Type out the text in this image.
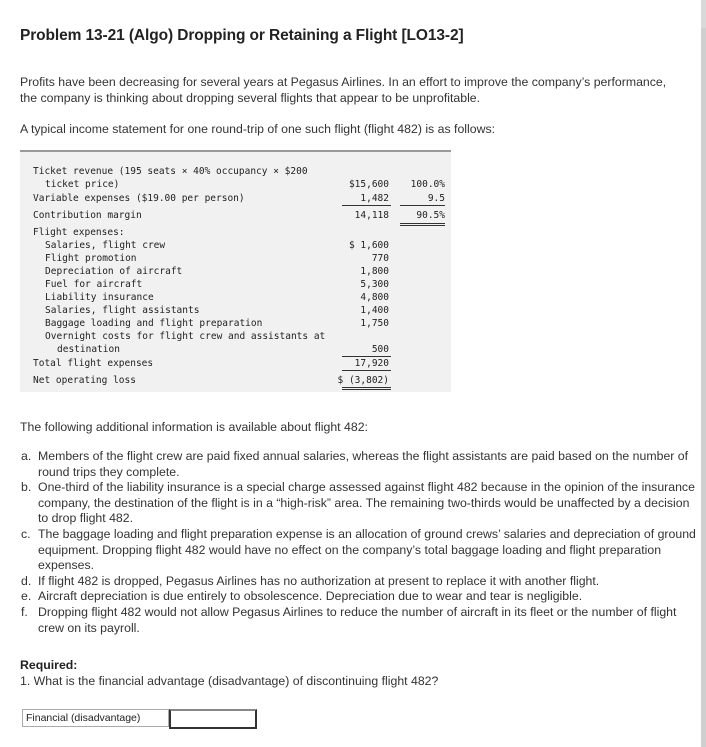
Problem 13-21 (Algo) Dropping or Retaining a Flight [LO13-2]

Profits have been decreasing for several years at Pegasus Airlines. In an effort to improve the company’s performance, the company is thinking about dropping several flights that appear to be unprofitable.

A typical income statement for one round-trip of one such flight (flight 482) is as follows:

Ticket revenue (195 seats × 40% occupancy × $200
ticket price)	$15,600 100.0%
Variable expenses ($19.00 per person)	1,482	9.5
Contribution margin	14,118	90.5%
Flight expenses:
Salaries, flight crew	$ 1,600
Flight promotion	770
Depreciation of aircraft	1,800
Fuel for aircraft	5,300
Liability insurance	4,800
Salaries, flight assistants	1,400
Baggage loading and flight preparation	1,750
Overnight costs for flight crew and assistants at
destination	500
Total flight expenses	17,920
Net operating loss	$ (3,802)

The following additional information is available about flight 482:

a. Members of the flight crew are paid fixed annual salaries, whereas the flight assistants are paid based on the number of round trips they complete.
b. One-third of the liability insurance is a special charge assessed against flight 482 because in the opinion of the insurance company, the destination of the flight is in a “high-risk” area. The remaining two-thirds would be unaffected by a decision to drop flight 482.
c. The baggage loading and flight preparation expense is an allocation of ground crews’ salaries and depreciation of ground equipment. Dropping flight 482 would have no effect on the company’s total baggage loading and flight preparation expenses.
d. If flight 482 is dropped, Pegasus Airlines has no authorization at present to replace it with another flight.
e. Aircraft depreciation is due entirely to obsolescence. Depreciation due to wear and tear is negligible.
f. Dropping flight 482 would not allow Pegasus Airlines to reduce the number of aircraft in its fleet or the number of flight crew on its payroll.
Required:
1. What is the financial advantage (disadvantage) of discontinuing flight 482?
Financial (disadvantage)
